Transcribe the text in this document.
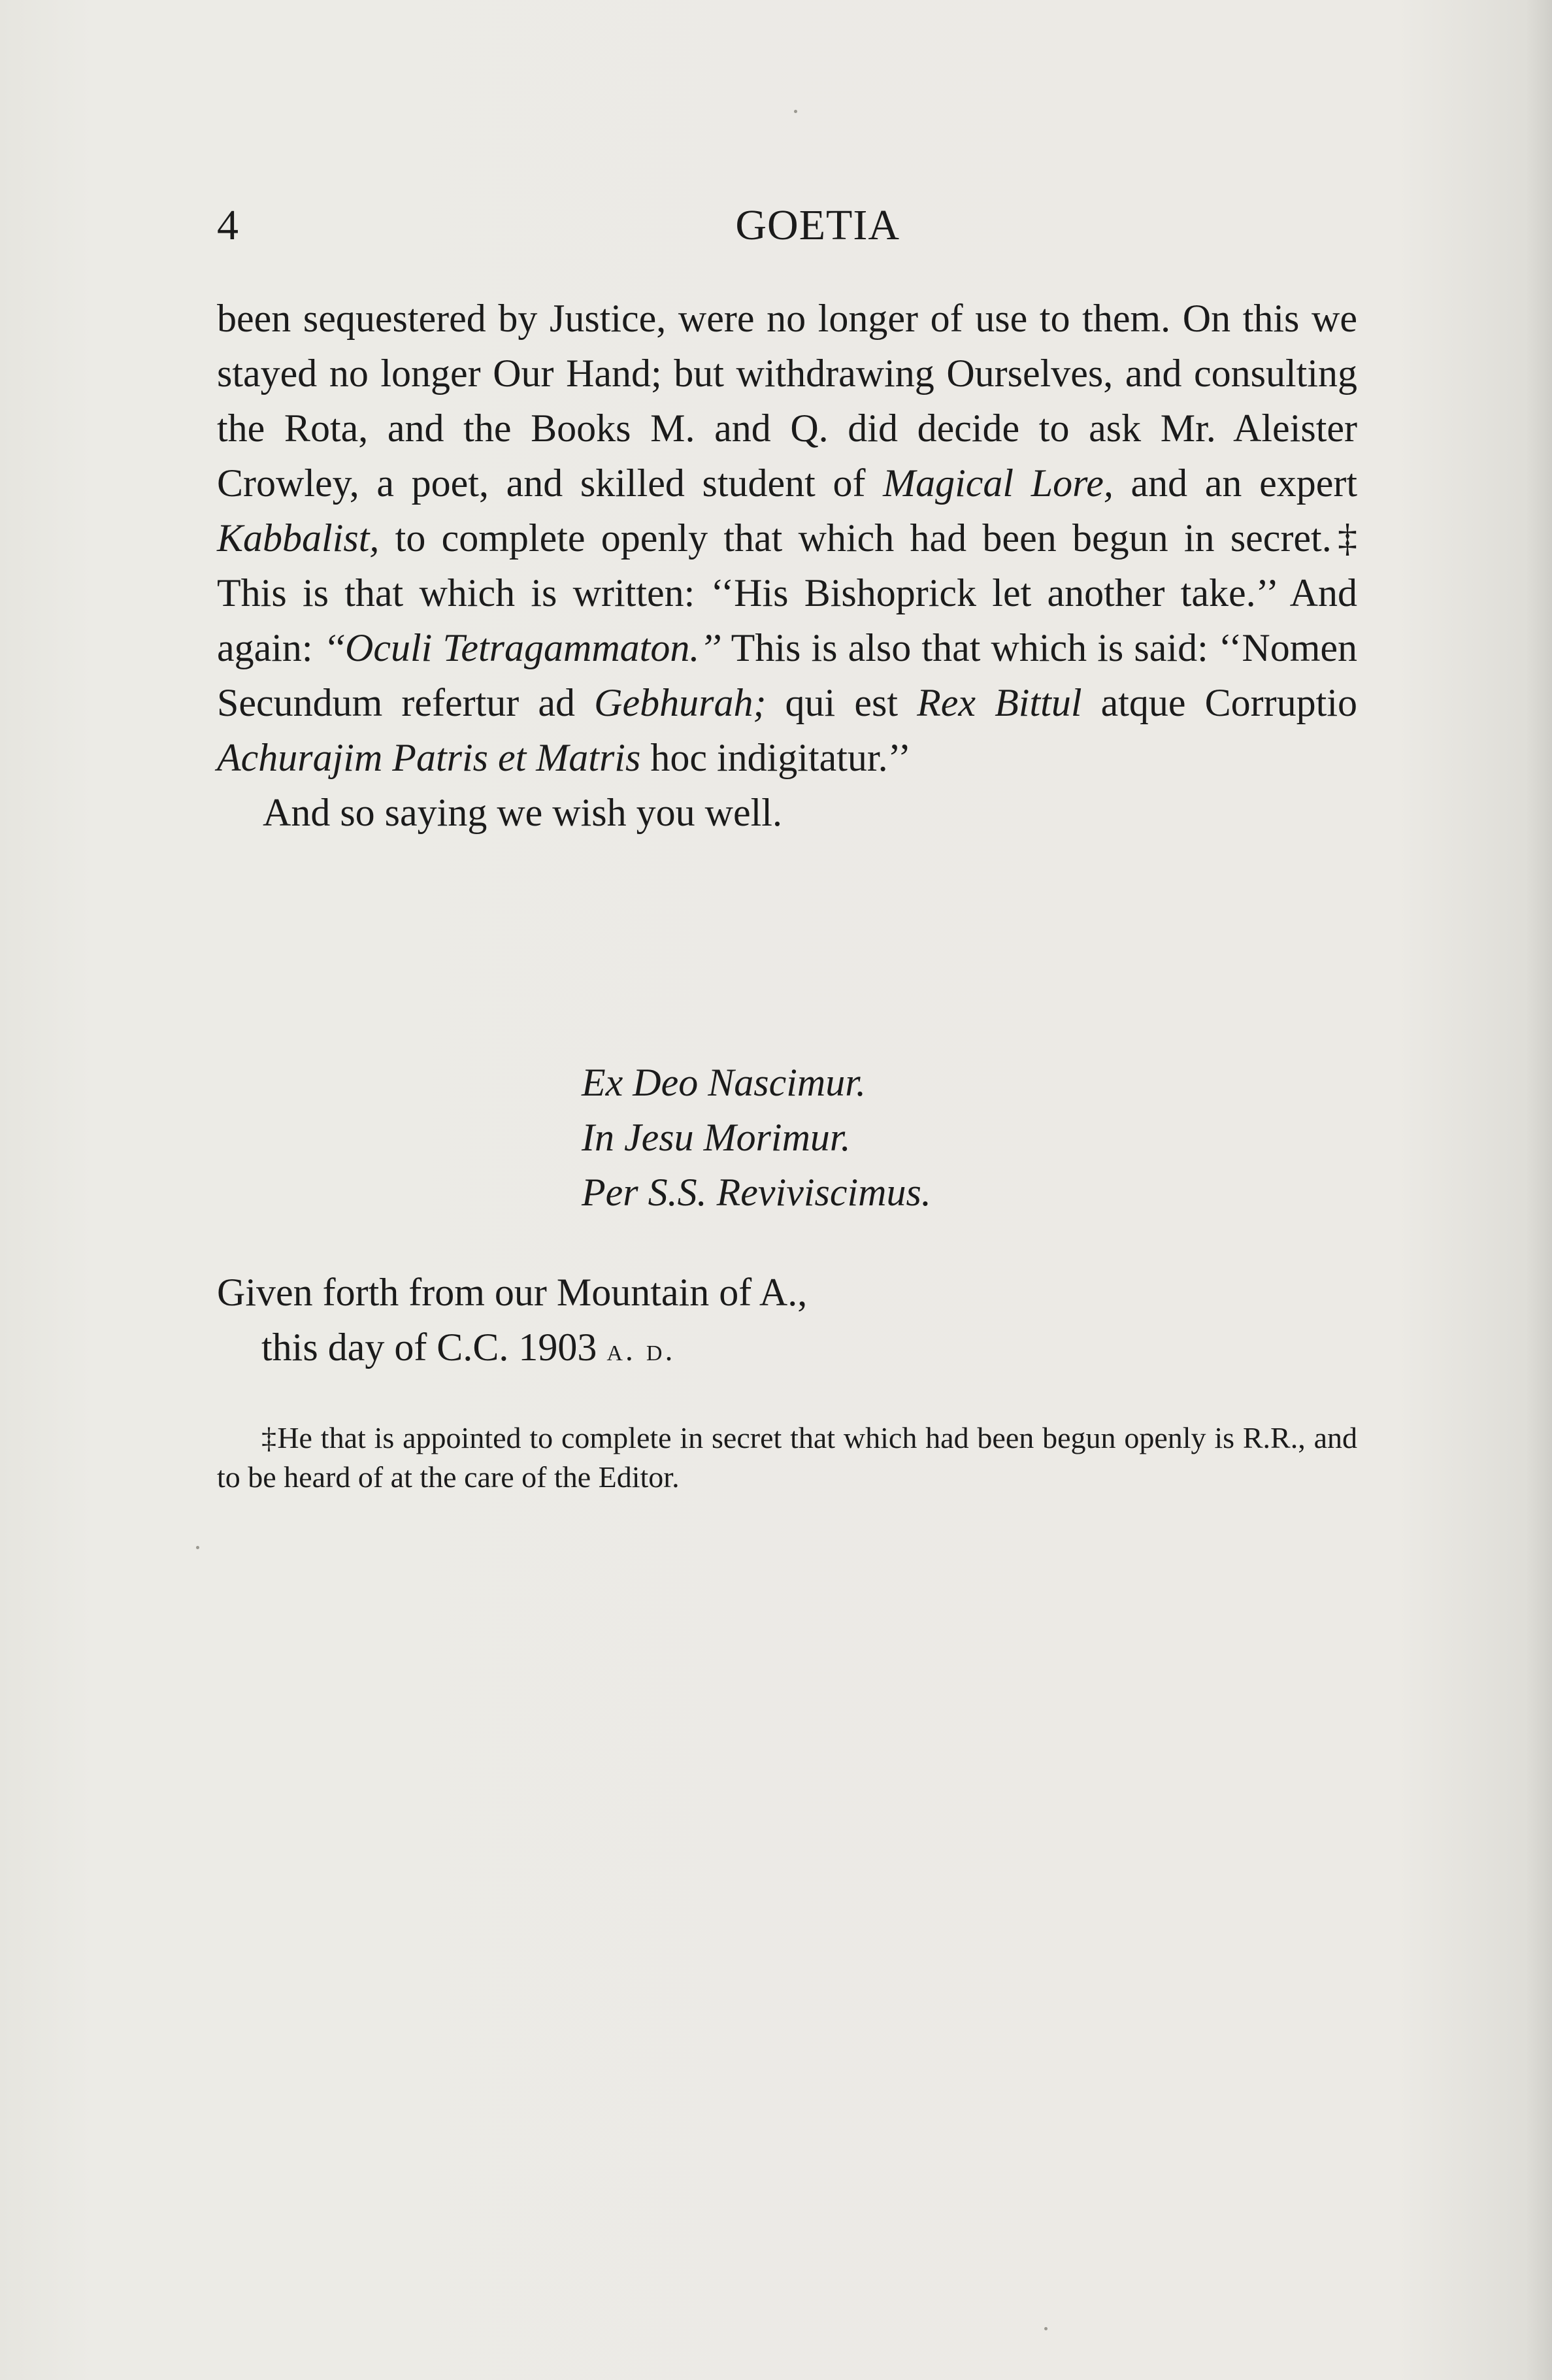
4	GOETIA

been sequestered by Justice, were no longer of use to them. On this we stayed no longer Our Hand; but withdrawing Ourselves, and consulting the Rota, and the Books M. and Q. did decide to ask Mr. Aleister Crowley, a poet, and skilled student of Magical Lore, and an expert Kabbalist, to complete openly that which had been begun in secret.‡ This is that which is written: ‘‘His Bishoprick let another take.’’ And again: ‘‘Oculi Tetragammaton.’’ This is also that which is said: ‘‘Nomen Secundum refertur ad Gebhurah; qui est Rex Bittul atque Corruptio Achurajim Patris et Matris hoc indigitatur.’’

And so saying we wish you well.

Ex Deo Nascimur.
In Jesu Morimur.
Per S.S. Reviviscimus.
Given forth from our Mountain of A.,
this day of C.C. 1903 a. d.
‡He that is appointed to complete in secret that which had been begun openly is R.R., and to be heard of at the care of the Editor.
